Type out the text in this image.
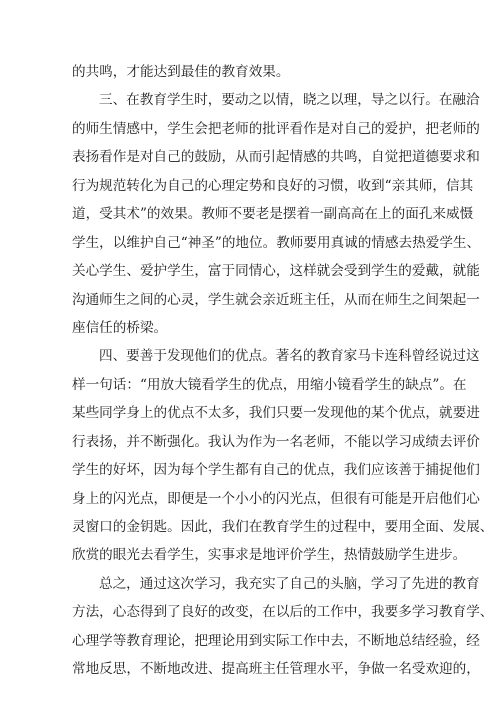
的共鸣，才能达到最佳的教育效果。
三、在教育学生时，要动之以情，晓之以理，导之以行。在融洽
的师生情感中，学生会把老师的批评看作是对自己的爱护，把老师的
表扬看作是对自己的鼓励，从而引起情感的共鸣，自觉把道德要求和
行为规范转化为自己的心理定势和良好的习惯，收到“亲其师，信其
道，受其术”的效果。教师不要老是摆着一副高高在上的面孔来威慑
学生，以维护自己“神圣”的地位。教师要用真诚的情感去热爱学生、
关心学生、爱护学生，富于同情心，这样就会受到学生的爱戴，就能
沟通师生之间的心灵，学生就会亲近班主任，从而在师生之间架起一
座信任的桥梁。
四、要善于发现他们的优点。著名的教育家马卡连科曾经说过这
样一句话：“用放大镜看学生的优点，用缩小镜看学生的缺点”。在
某些同学身上的优点不太多，我们只要一发现他的某个优点，就要进
行表扬，并不断强化。我认为作为一名老师，不能以学习成绩去评价
学生的好坏，因为每个学生都有自己的优点，我们应该善于捕捉他们
身上的闪光点，即便是一个小小的闪光点，但很有可能是开启他们心
灵窗口的金钥匙。因此，我们在教育学生的过程中，要用全面、发展、
欣赏的眼光去看学生，实事求是地评价学生，热情鼓励学生进步。
总之，通过这次学习，我充实了自己的头脑，学习了先进的教育
方法，心态得到了良好的改变，在以后的工作中，我要多学习教育学、
心理学等教育理论，把理论用到实际工作中去，不断地总结经验，经
常地反思，不断地改进、提高班主任管理水平，争做一名受欢迎的，
